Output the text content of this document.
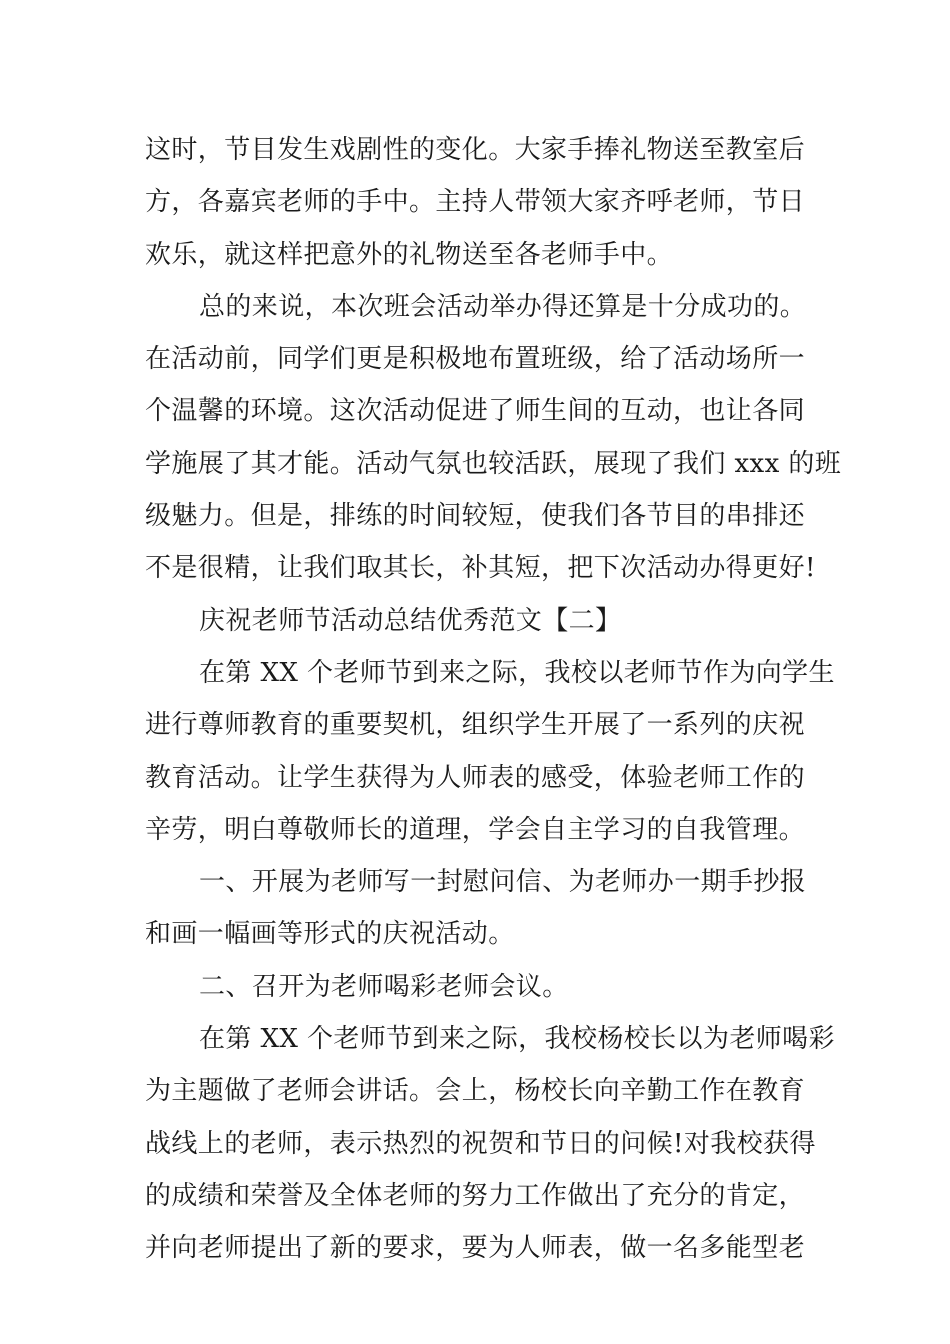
这时，节目发生戏剧性的变化。大家手捧礼物送至教室后
方，各嘉宾老师的手中。主持人带领大家齐呼老师，节日
欢乐，就这样把意外的礼物送至各老师手中。

总的来说，本次班会活动举办得还算是十分成功的。
在活动前，同学们更是积极地布置班级，给了活动场所一
个温馨的环境。这次活动促进了师生间的互动，也让各同
学施展了其才能。活动气氛也较活跃，展现了我们 xxx 的班
级魅力。但是，排练的时间较短，使我们各节目的串排还
不是很精，让我们取其长，补其短，把下次活动办得更好!

庆祝老师节活动总结优秀范文【二】

在第 XX 个老师节到来之际，我校以老师节作为向学生
进行尊师教育的重要契机，组织学生开展了一系列的庆祝
教育活动。让学生获得为人师表的感受，体验老师工作的
辛劳，明白尊敬师长的道理，学会自主学习的自我管理。

一、开展为老师写一封慰问信、为老师办一期手抄报
和画一幅画等形式的庆祝活动。

二、召开为老师喝彩老师会议。

在第 XX 个老师节到来之际，我校杨校长以为老师喝彩
为主题做了老师会讲话。会上，杨校长向辛勤工作在教育
战线上的老师，表示热烈的祝贺和节日的问候!对我校获得
的成绩和荣誉及全体老师的努力工作做出了充分的肯定，
并向老师提出了新的要求，要为人师表，做一名多能型老
